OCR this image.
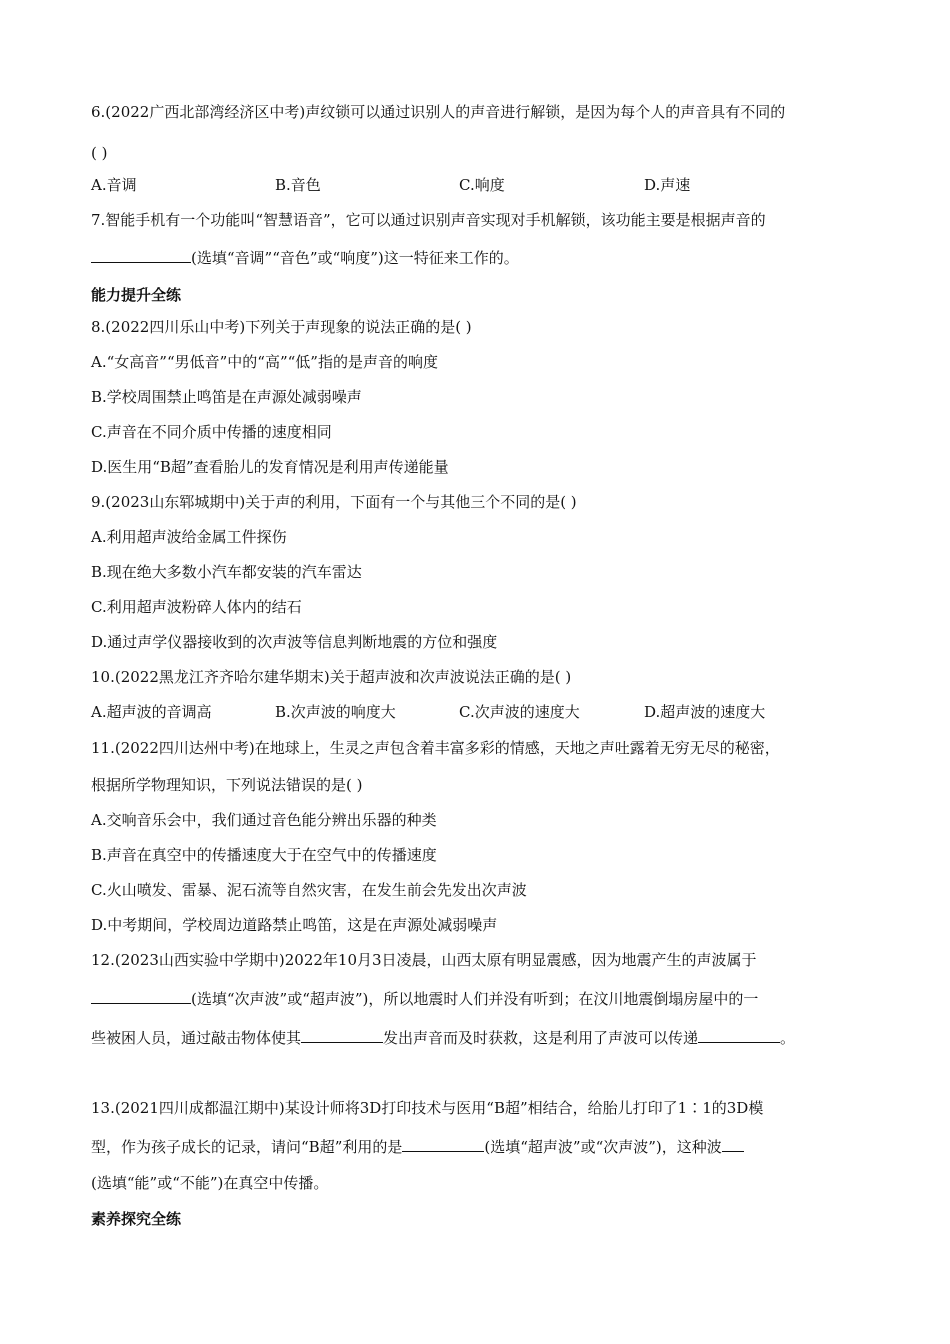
6.(2022广西北部湾经济区中考)声纹锁可以通过识别人的声音进行解锁，是因为每个人的声音具有不同的
( )
A.音调	B.音色	C.响度	D.声速
7.智能手机有一个功能叫“智慧语音”，它可以通过识别声音实现对手机解锁，该功能主要是根据声音的
(选填“音调”“音色”或“响度”)这一特征来工作的。
能力提升全练
8.(2022四川乐山中考)下列关于声现象的说法正确的是( )
A.“女高音”“男低音”中的“高”“低”指的是声音的响度
B.学校周围禁止鸣笛是在声源处减弱噪声
C.声音在不同介质中传播的速度相同
D.医生用“B超”查看胎儿的发育情况是利用声传递能量
9.(2023山东郓城期中)关于声的利用，下面有一个与其他三个不同的是( )
A.利用超声波给金属工件探伤
B.现在绝大多数小汽车都安装的汽车雷达
C.利用超声波粉碎人体内的结石
D.通过声学仪器接收到的次声波等信息判断地震的方位和强度
10.(2022黑龙江齐齐哈尔建华期末)关于超声波和次声波说法正确的是( )
A.超声波的音调高	B.次声波的响度大	C.次声波的速度大	D.超声波的速度大
11.(2022四川达州中考)在地球上，生灵之声包含着丰富多彩的情感，天地之声吐露着无穷无尽的秘密，
根据所学物理知识，下列说法错误的是( )
A.交响音乐会中，我们通过音色能分辨出乐器的种类
B.声音在真空中的传播速度大于在空气中的传播速度
C.火山喷发、雷暴、泥石流等自然灾害，在发生前会先发出次声波
D.中考期间，学校周边道路禁止鸣笛，这是在声源处减弱噪声
12.(2023山西实验中学期中)2022年10月3日凌晨，山西太原有明显震感，因为地震产生的声波属于
(选填“次声波”或“超声波”)，所以地震时人们并没有听到；在汶川地震倒塌房屋中的一
些被困人员，通过敲击物体使其	发出声音而及时获救，这是利用了声波可以传递	。
13.(2021四川成都温江期中)某设计师将3D打印技术与医用“B超”相结合，给胎儿打印了1∶1的3D模
型，作为孩子成长的记录，请问“B超”利用的是	(选填“超声波”或“次声波”)，这种波
(选填“能”或“不能”)在真空中传播。
素养探究全练
